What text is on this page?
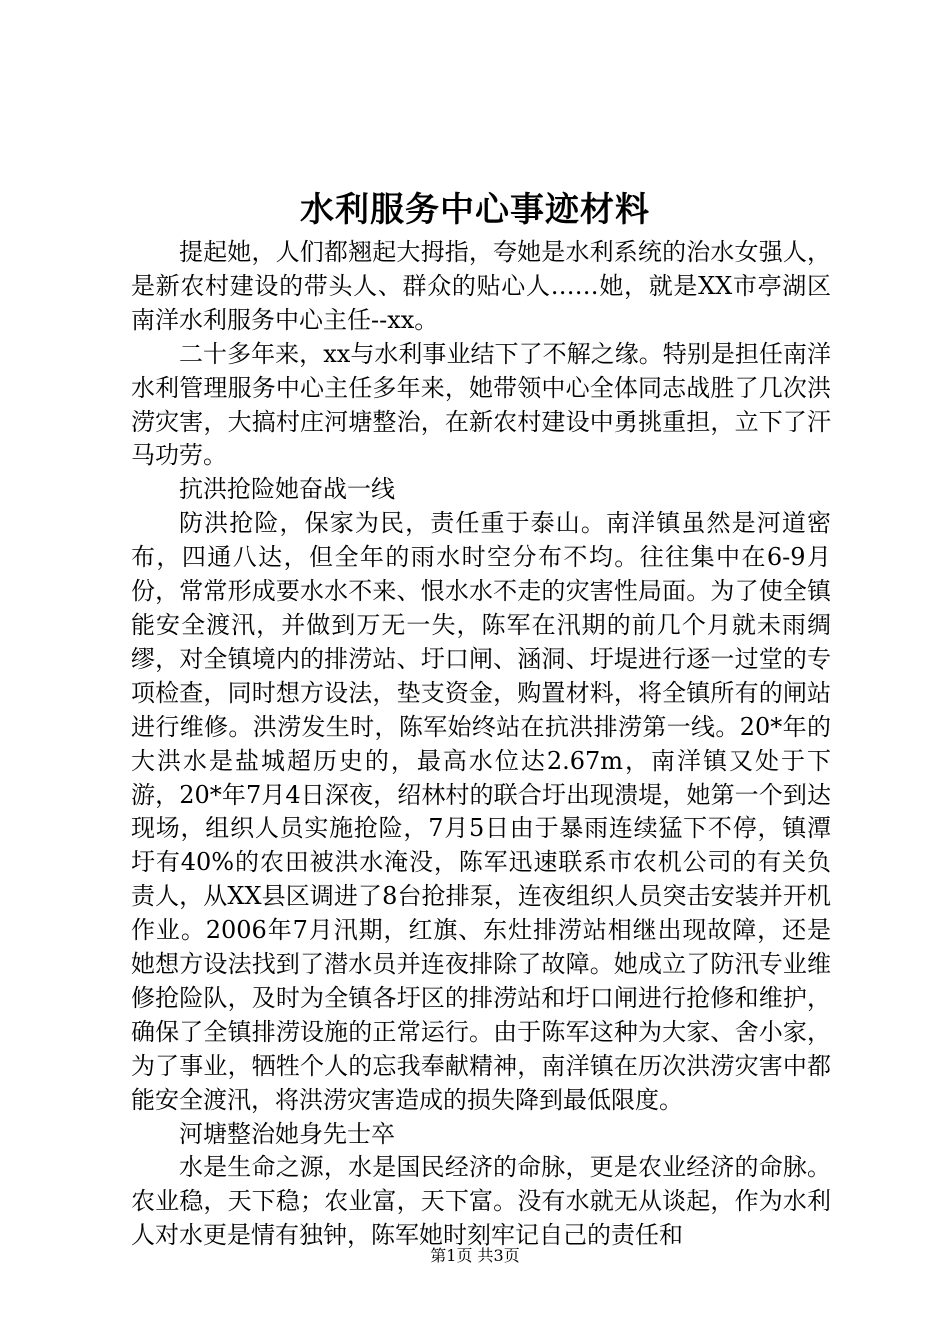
水利服务中心事迹材料

提起她，人们都翘起大拇指，夸她是水利系统的治水女强人，是新农村建设的带头人、群众的贴心人……她，就是XX市亭湖区南洋水利服务中心主任--xx。

二十多年来，xx与水利事业结下了不解之缘。特别是担任南洋水利管理服务中心主任多年来，她带领中心全体同志战胜了几次洪涝灾害，大搞村庄河塘整治，在新农村建设中勇挑重担，立下了汗马功劳。

抗洪抢险她奋战一线

防洪抢险，保家为民，责任重于泰山。南洋镇虽然是河道密布，四通八达，但全年的雨水时空分布不均。往往集中在6-9月份，常常形成要水水不来、恨水水不走的灾害性局面。为了使全镇能安全渡汛，并做到万无一失，陈军在汛期的前几个月就未雨绸缪，对全镇境内的排涝站、圩口闸、涵洞、圩堤进行逐一过堂的专项检查，同时想方设法，垫支资金，购置材料，将全镇所有的闸站进行维修。洪涝发生时，陈军始终站在抗洪排涝第一线。20*年的大洪水是盐城超历史的，最高水位达2.67m，南洋镇又处于下游，20*年7月4日深夜，绍林村的联合圩出现溃堤，她第一个到达现场，组织人员实施抢险，7月5日由于暴雨连续猛下不停，镇潭圩有40%的农田被洪水淹没，陈军迅速联系市农机公司的有关负责人，从XX县区调进了8台抢排泵，连夜组织人员突击安装并开机作业。2006年7月汛期，红旗、东灶排涝站相继出现故障，还是她想方设法找到了潜水员并连夜排除了故障。她成立了防汛专业维修抢险队，及时为全镇各圩区的排涝站和圩口闸进行抢修和维护，确保了全镇排涝设施的正常运行。由于陈军这种为大家、舍小家，为了事业，牺牲个人的忘我奉献精神，南洋镇在历次洪涝灾害中都能安全渡汛，将洪涝灾害造成的损失降到最低限度。

河塘整治她身先士卒

水是生命之源，水是国民经济的命脉，更是农业经济的命脉。农业稳，天下稳；农业富，天下富。没有水就无从谈起，作为水利人对水更是情有独钟，陈军她时刻牢记自己的责任和

第1页 共3页
